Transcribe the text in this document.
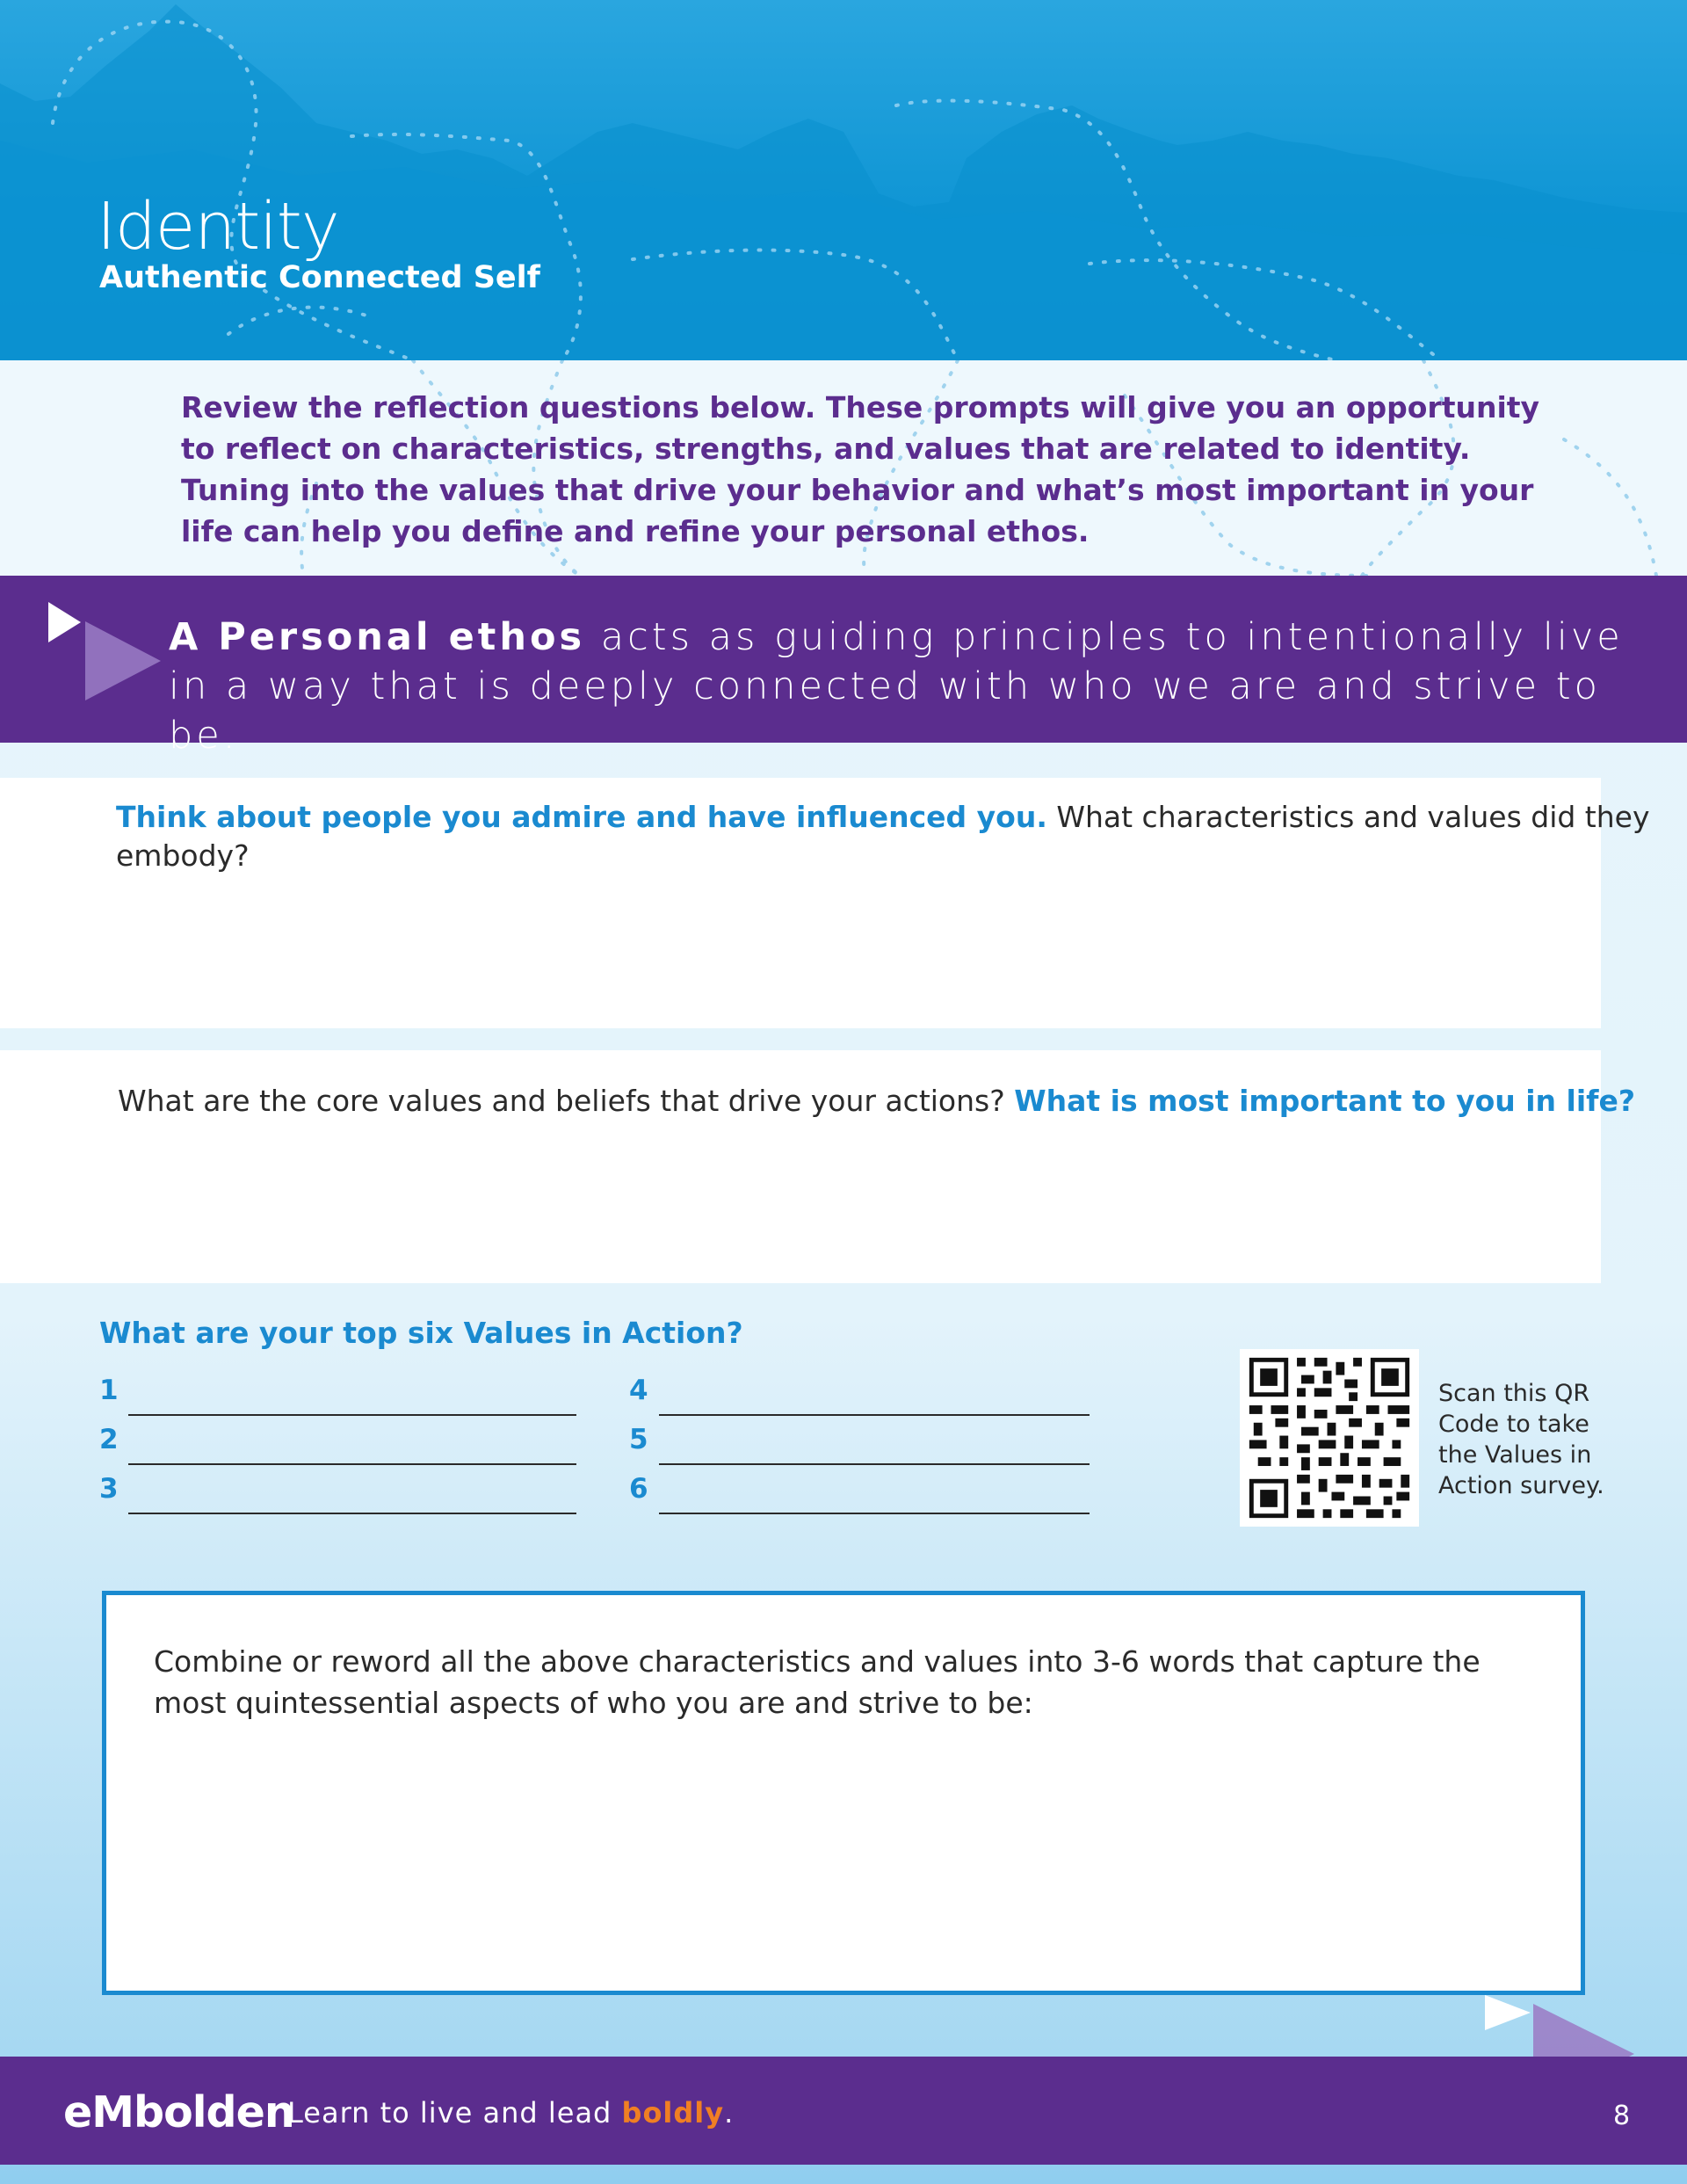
Identity
Authentic Connected Self
Review the reflection questions below. These prompts will give you an opportunity to reflect on characteristics, strengths, and values that are related to identity. Tuning into the values that drive your behavior and what’s most important in your life can help you define and refine your personal ethos.
A Personal ethos acts as guiding principles to intentionally live in a way that is deeply connected with who we are and strive to be.
Think about people you admire and have influenced you. What characteristics and values did they embody?
What are the core values and beliefs that drive your actions? What is most important to you in life?
What are your top six Values in Action?
1
2
3
4
5
6
Scan this QR Code to take the Values in Action survey.
Combine or reword all the above characteristics and values into 3-6 words that capture the most quintessential aspects of who you are and strive to be:
eMbolden
Learn to live and lead boldly.	8
